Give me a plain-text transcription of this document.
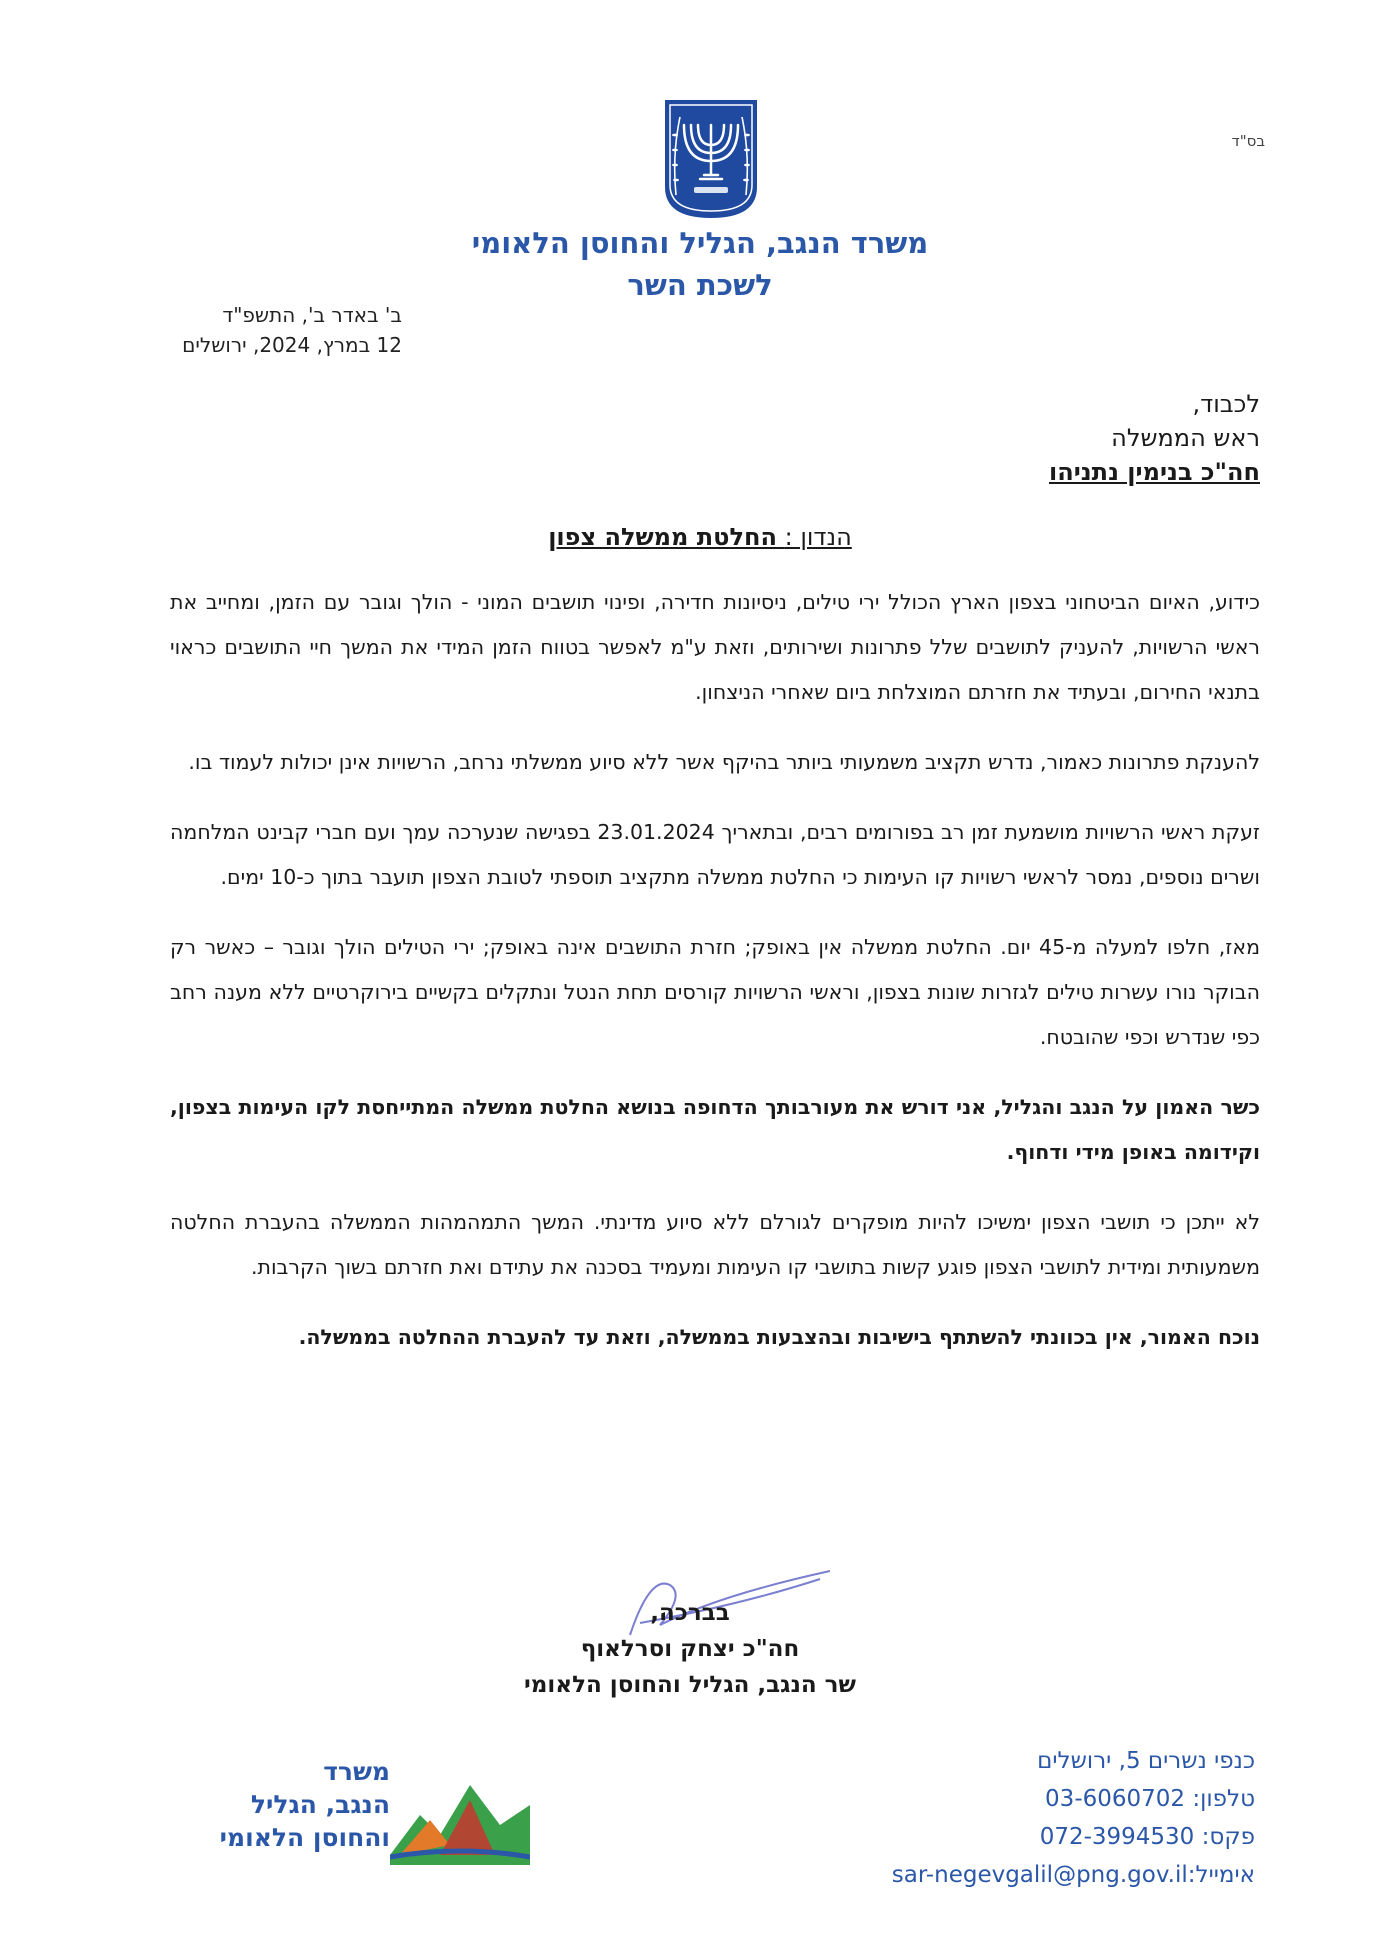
בס"ד
משרד הנגב, הגליל והחוסן הלאומי
לשכת השר
ב' באדר ב', התשפ"ד
12 במרץ, 2024, ירושלים
לכבוד,
ראש הממשלה
חה"כ בנימין נתניהו
הנדון : החלטת ממשלה צפון

כידוע, האיום הביטחוני בצפון הארץ הכולל ירי טילים, ניסיונות חדירה, ופינוי תושבים המוני - הולך וגובר עם הזמן, ומחייב את ראשי הרשויות, להעניק לתושבים שלל פתרונות ושירותים, וזאת ע"מ לאפשר בטווח הזמן המידי את המשך חיי התושבים כראוי בתנאי החירום, ובעתיד את חזרתם המוצלחת ביום שאחרי הניצחון.

להענקת פתרונות כאמור, נדרש תקציב משמעותי ביותר בהיקף אשר ללא סיוע ממשלתי נרחב, הרשויות אינן יכולות לעמוד בו.

זעקת ראשי הרשויות מושמעת זמן רב בפורומים רבים, ובתאריך 23.01.2024 בפגישה שנערכה עמך ועם חברי קבינט המלחמה ושרים נוספים, נמסר לראשי רשויות קו העימות כי החלטת ממשלה מתקציב תוספתי לטובת הצפון תועבר בתוך כ-10 ימים.

מאז, חלפו למעלה מ-45 יום. החלטת ממשלה אין באופק; חזרת התושבים אינה באופק; ירי הטילים הולך וגובר – כאשר רק הבוקר נורו עשרות טילים לגזרות שונות בצפון, וראשי הרשויות קורסים תחת הנטל ונתקלים בקשיים בירוקרטיים ללא מענה רחב כפי שנדרש וכפי שהובטח.

כשר האמון על הנגב והגליל, אני דורש את מעורבותך הדחופה בנושא החלטת ממשלה המתייחסת לקו העימות בצפון, וקידומה באופן מידי ודחוף.

לא ייתכן כי תושבי הצפון ימשיכו להיות מופקרים לגורלם ללא סיוע מדינתי. המשך התמהמהות הממשלה בהעברת החלטה משמעותית ומידית לתושבי הצפון פוגע קשות בתושבי קו העימות ומעמיד בסכנה את עתידם ואת חזרתם בשוך הקרבות.

נוכח האמור, אין בכוונתי להשתתף בישיבות ובהצבעות בממשלה, וזאת עד להעברת ההחלטה בממשלה.

בברכה,
חה"כ יצחק וסרלאוף
שר הנגב, הגליל והחוסן הלאומי
כנפי נשרים 5, ירושלים
טלפון: 03-6060702
פקס: 072-3994530
אימייל:sar-negevgalil@png.gov.il
משרד
הנגב, הגליל
והחוסן הלאומי
